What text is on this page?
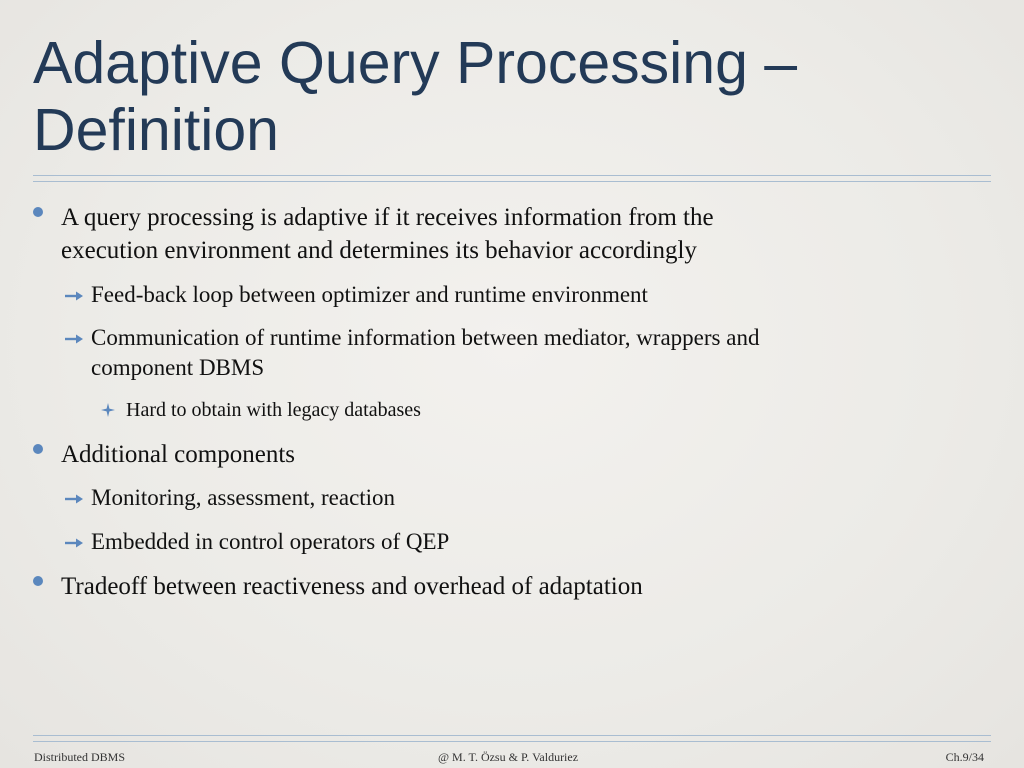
Adaptive Query Processing –
Definition
A query processing is adaptive if it receives information from the
execution environment and determines its behavior accordingly
Feed-back loop between optimizer and runtime environment
Communication of runtime information between mediator, wrappers and
component DBMS
Hard to obtain with legacy databases
Additional components
Monitoring, assessment, reaction
Embedded in control operators of QEP
Tradeoff between reactiveness and overhead of adaptation
Distributed DBMS	@ M. T. Özsu & P. Valduriez	Ch.9/34
